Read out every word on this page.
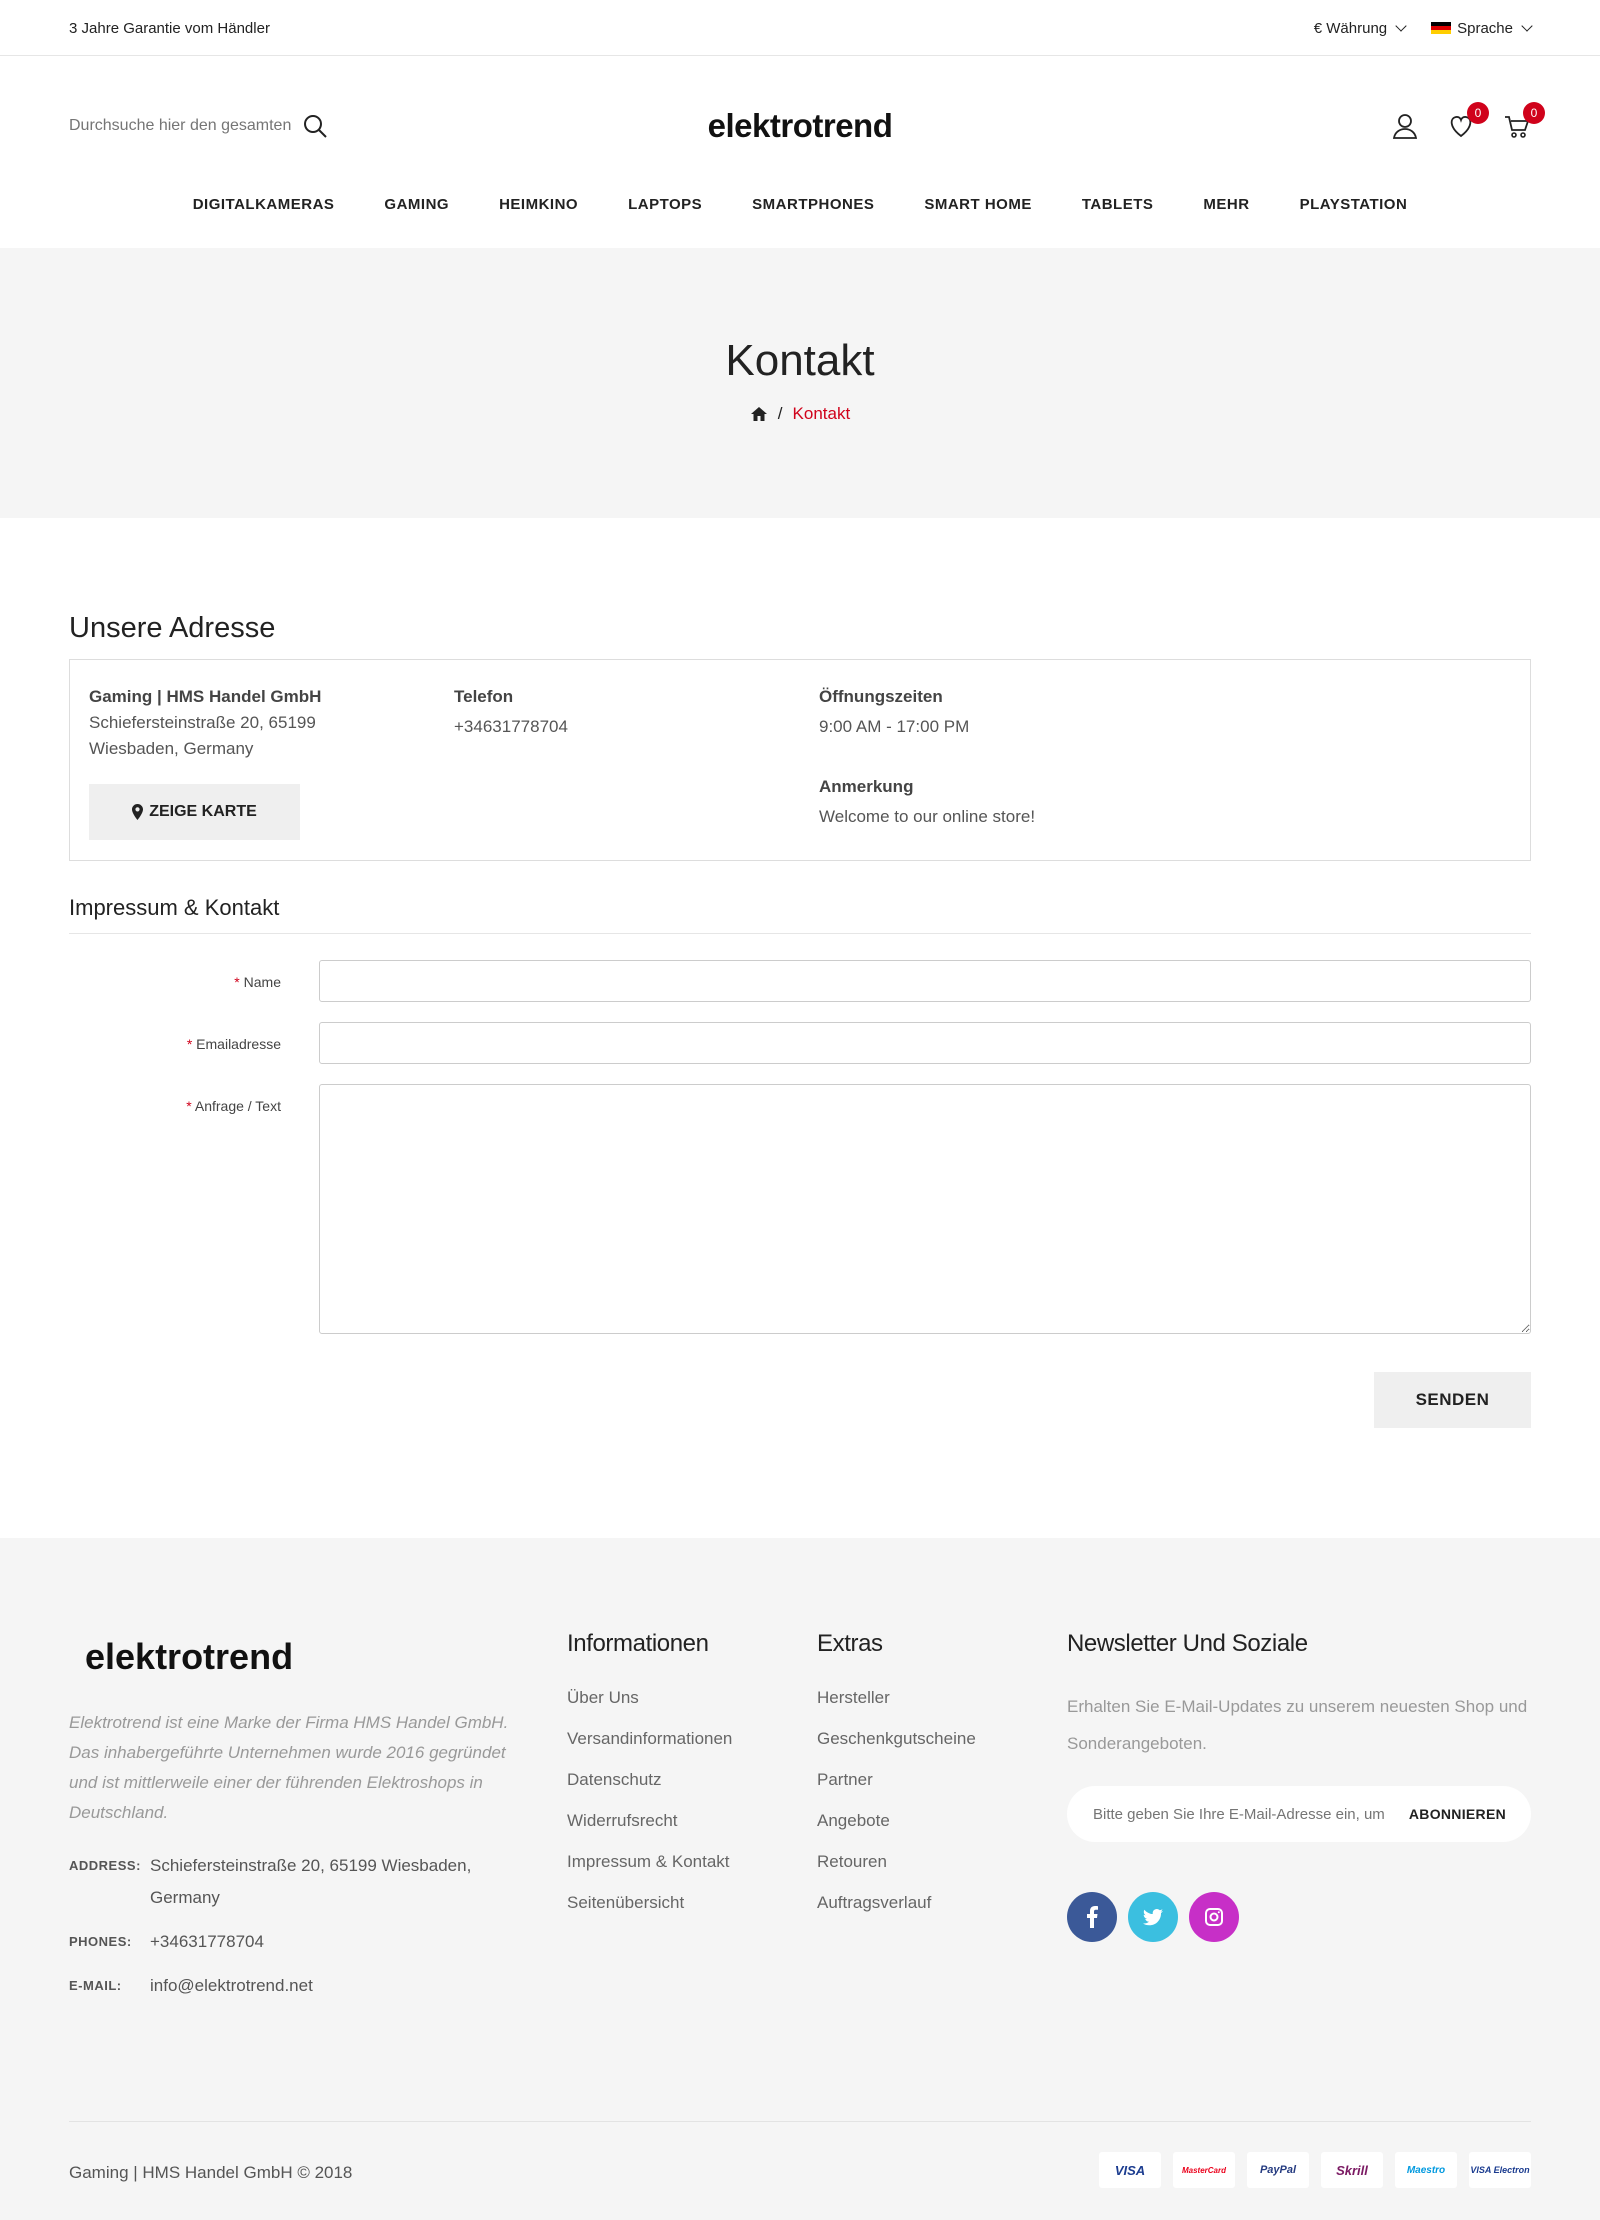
3 Jahre Garantie vom Händler	€ Währung	Sprache
Durchsuche hier den gesamten Shop
elektrotrend	0	0
DIGITALKAMERAS	GAMING	HEIMKINO	LAPTOPS	SMARTPHONES	SMART HOME	TABLETS	MEHR	PLAYSTATION
Kontakt
/ Kontakt
Unsere Adresse
Gaming | HMS Handel GmbH
Schiefersteinstraße 20, 65199
Wiesbaden, Germany
ZEIGE KARTE
Telefon
+34631778704
Öffnungszeiten
9:00 AM - 17:00 PM
Anmerkung
Welcome to our online store!
Impressum & Kontakt
* Name
* Emailadresse
* Anfrage / Text
SENDEN
elektrotrend

Elektrotrend ist eine Marke der Firma HMS Handel GmbH. Das inhabergeführte Unternehmen wurde 2016 gegründet und ist mittlerweile einer der führenden Elektroshops in Deutschland.

ADDRESS: Schiefersteinstraße 20, 65199 Wiesbaden, Germany
PHONES:	+34631778704
E-MAIL:	info@elektrotrend.net
Informationen
Über Uns
Versandinformationen
Datenschutz
Widerrufsrecht
Impressum & Kontakt
Seitenübersicht
Extras
Hersteller
Geschenkgutscheine
Partner
Angebote
Retouren
Auftragsverlauf
Newsletter Und Soziale

Erhalten Sie E-Mail-Updates zu unserem neuesten Shop und Sonderangeboten.

Bitte geben Sie Ihre E-Mail-Adresse ein, um
ABONNIEREN
Gaming | HMS Handel GmbH © 2018	VISA	MasterCard	PayPal	Skrill	Maestro	VISA Electron
